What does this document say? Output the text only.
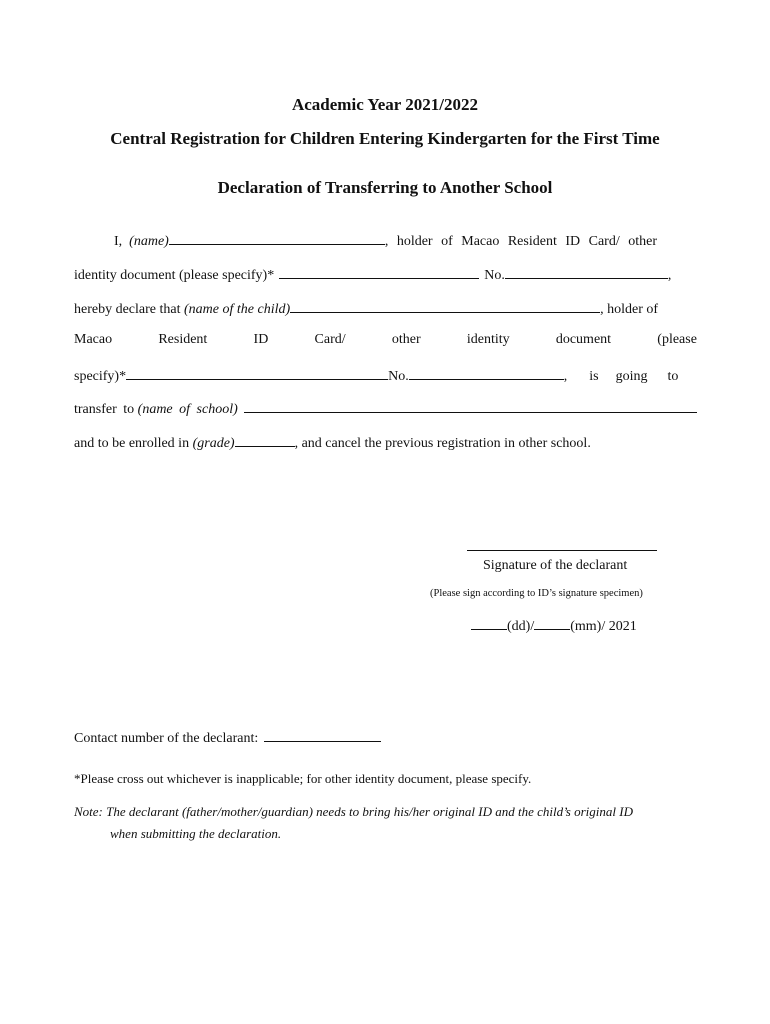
Academic Year 2021/2022
Central Registration for Children Entering Kindergarten for the First Time
Declaration of Transferring to Another School
I,
(name)	, holder of Macao Resident ID Card/ other
identity document (please specify)*	No.	,
hereby declare that
(name of the child)	, holder of
Macao	Resident	ID	Card/	other	identity	document	(please
specify)*	No.	, is going to
transfer to
(name of school)
and to be enrolled in
(grade)	, and cancel the previous registration in other school.
Signature of the declarant
(Please sign according to ID’s signature specimen)
(dd)/	(mm)/ 2021
Contact number of the declarant:
*Please cross out whichever is inapplicable; for other identity document, please specify.
Note: The declarant (father/mother/guardian) needs to bring his/her original ID and the child’s original ID
when submitting the declaration.
